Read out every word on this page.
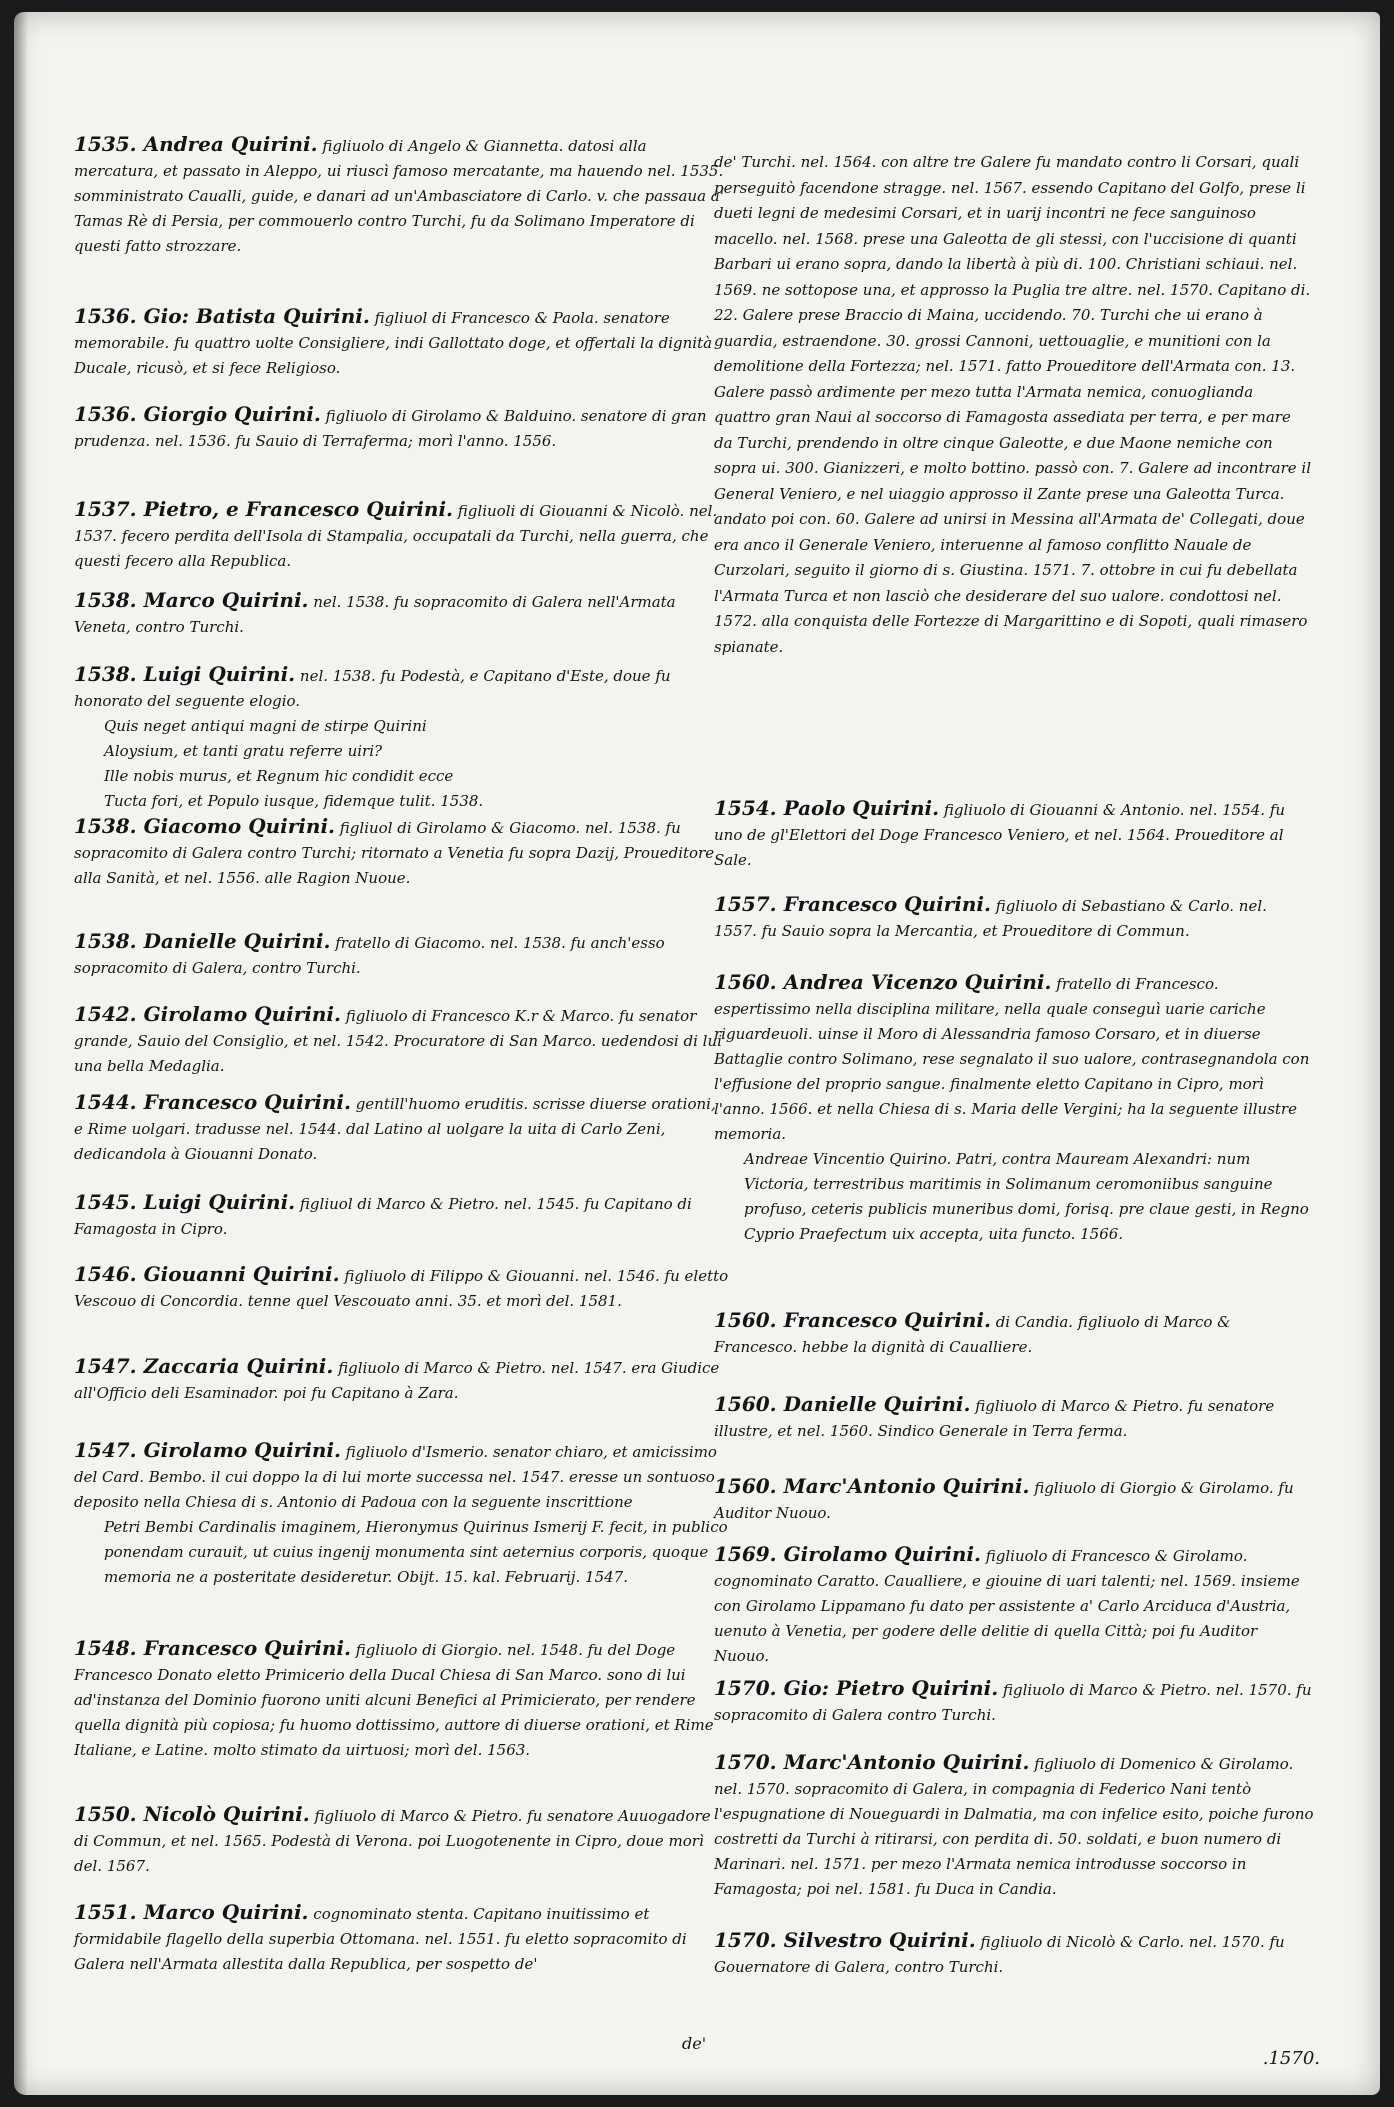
1535. Andrea Quirini. figliuolo di Angelo & Giannetta. datosi alla mercatura, et passato in Aleppo, ui riuscì famoso mercatante, ma hauendo nel. 1535. somministrato Caualli, guide, e danari ad un'Ambasciatore di Carlo. v. che passaua a' Tamas Rè di Persia, per commouerlo contro Turchi, fu da Solimano Imperatore di questi fatto strozzare.
1536. Gio: Batista Quirini. figliuol di Francesco & Paola. senatore memorabile. fu quattro uolte Consigliere, indi Gallottato doge, et offertali la dignità Ducale, ricusò, et si fece Religioso.
1536. Giorgio Quirini. figliuolo di Girolamo & Balduino. senatore di gran prudenza. nel. 1536. fu Sauio di Terraferma; morì l'anno. 1556.
1537. Pietro, e Francesco Quirini. figliuoli di Giouanni & Nicolò. nel. 1537. fecero perdita dell'Isola di Stampalia, occupatali da Turchi, nella guerra, che questi fecero alla Republica.
1538. Marco Quirini. nel. 1538. fu sopracomito di Galera nell'Armata Veneta, contro Turchi.
1538. Luigi Quirini. nel. 1538. fu Podestà, e Capitano d'Este, doue fu honorato del seguente elogio.
Quis neget antiqui magni de stirpe Quirini
Aloysium, et tanti gratu referre uiri?
Ille nobis murus, et Regnum hic condidit ecce
Tucta fori, et Populo iusque, fidemque tulit. 1538.
1538. Giacomo Quirini. figliuol di Girolamo & Giacomo. nel. 1538. fu sopracomito di Galera contro Turchi; ritornato a Venetia fu sopra Dazij, Proueditore alla Sanità, et nel. 1556. alle Ragion Nuoue.
1538. Danielle Quirini. fratello di Giacomo. nel. 1538. fu anch'esso sopracomito di Galera, contro Turchi.
1542. Girolamo Quirini. figliuolo di Francesco K.r & Marco. fu senator grande, Sauio del Consiglio, et nel. 1542. Procuratore di San Marco. uedendosi di lui una bella Medaglia.
1544. Francesco Quirini. gentill'huomo eruditis. scrisse diuerse orationi, e Rime uolgari. tradusse nel. 1544. dal Latino al uolgare la uita di Carlo Zeni, dedicandola à Giouanni Donato.
1545. Luigi Quirini. figliuol di Marco & Pietro. nel. 1545. fu Capitano di Famagosta in Cipro.
1546. Giouanni Quirini. figliuolo di Filippo & Giouanni. nel. 1546. fu eletto Vescouo di Concordia. tenne quel Vescouato anni. 35. et morì del. 1581.
1547. Zaccaria Quirini. figliuolo di Marco & Pietro. nel. 1547. era Giudice all'Officio deli Esaminador. poi fu Capitano à Zara.
1547. Girolamo Quirini. figliuolo d'Ismerio. senator chiaro, et amicissimo del Card. Bembo. il cui doppo la di lui morte successa nel. 1547. eresse un sontuoso deposito nella Chiesa di s. Antonio di Padoua con la seguente inscrittione
Petri Bembi Cardinalis imaginem, Hieronymus Quirinus Ismerij F. fecit, in publico ponendam curauit, ut cuius ingenij monumenta sint aeternius corporis, quoque memoria ne a posteritate desideretur. Obijt. 15. kal. Februarij. 1547.
1548. Francesco Quirini. figliuolo di Giorgio. nel. 1548. fu del Doge Francesco Donato eletto Primicerio della Ducal Chiesa di San Marco. sono di lui ad'instanza del Dominio fuorono uniti alcuni Benefici al Primicierato, per rendere quella dignità più copiosa; fu huomo dottissimo, auttore di diuerse orationi, et Rime Italiane, e Latine. molto stimato da uirtuosi; morì del. 1563.
1550. Nicolò Quirini. figliuolo di Marco & Pietro. fu senatore Auuogadore di Commun, et nel. 1565. Podestà di Verona. poi Luogotenente in Cipro, doue morì del. 1567.
1551. Marco Quirini. cognominato stenta. Capitano inuitissimo et formidabile flagello della superbia Ottomana. nel. 1551. fu eletto sopracomito di Galera nell'Armata allestita dalla Republica, per sospetto de'
de' Turchi. nel. 1564. con altre tre Galere fu mandato contro li Corsari, quali perseguitò facendone stragge. nel. 1567. essendo Capitano del Golfo, prese li dueti legni de medesimi Corsari, et in uarij incontri ne fece sanguinoso macello. nel. 1568. prese una Galeotta de gli stessi, con l'uccisione di quanti Barbari ui erano sopra, dando la libertà à più di. 100. Christiani schiaui. nel. 1569. ne sottopose una, et approsso la Puglia tre altre. nel. 1570. Capitano di. 22. Galere prese Braccio di Maina, uccidendo. 70. Turchi che ui erano à guardia, estraendone. 30. grossi Cannoni, uettouaglie, e munitioni con la demolitione della Fortezza; nel. 1571. fatto Proueditore dell'Armata con. 13. Galere passò ardimente per mezo tutta l'Armata nemica, conuoglianda quattro gran Naui al soccorso di Famagosta assediata per terra, e per mare da Turchi, prendendo in oltre cinque Galeotte, e due Maone nemiche con sopra ui. 300. Gianizzeri, e molto bottino. passò con. 7. Galere ad incontrare il General Veniero, e nel uiaggio approsso il Zante prese una Galeotta Turca. andato poi con. 60. Galere ad unirsi in Messina all'Armata de' Collegati, doue era anco il Generale Veniero, interuenne al famoso conflitto Nauale de Curzolari, seguito il giorno di s. Giustina. 1571. 7. ottobre in cui fu debellata l'Armata Turca et non lasciò che desiderare del suo ualore. condottosi nel. 1572. alla conquista delle Fortezze di Margarittino e di Sopoti, quali rimasero spianate.
1554. Paolo Quirini. figliuolo di Giouanni & Antonio. nel. 1554. fu uno de gl'Elettori del Doge Francesco Veniero, et nel. 1564. Proueditore al Sale.
1557. Francesco Quirini. figliuolo di Sebastiano & Carlo. nel. 1557. fu Sauio sopra la Mercantia, et Proueditore di Commun.
1560. Andrea Vicenzo Quirini. fratello di Francesco. espertissimo nella disciplina militare, nella quale conseguì uarie cariche riguardeuoli. uinse il Moro di Alessandria famoso Corsaro, et in diuerse Battaglie contro Solimano, rese segnalato il suo ualore, contrasegnandola con l'effusione del proprio sangue. finalmente eletto Capitano in Cipro, morì l'anno. 1566. et nella Chiesa di s. Maria delle Vergini; ha la seguente illustre memoria.
Andreae Vincentio Quirino. Patri, contra Mauream Alexandri: num Victoria, terrestribus maritimis in Solimanum ceromoniibus sanguine profuso, ceteris publicis muneribus domi, forisq. pre claue gesti, in Regno Cyprio Praefectum uix accepta, uita functo. 1566.
1560. Francesco Quirini. di Candia. figliuolo di Marco & Francesco. hebbe la dignità di Caualliere.
1560. Danielle Quirini. figliuolo di Marco & Pietro. fu senatore illustre, et nel. 1560. Sindico Generale in Terra ferma.
1560. Marc'Antonio Quirini. figliuolo di Giorgio & Girolamo. fu Auditor Nuouo.
1569. Girolamo Quirini. figliuolo di Francesco & Girolamo. cognominato Caratto. Caualliere, e giouine di uari talenti; nel. 1569. insieme con Girolamo Lippamano fu dato per assistente a' Carlo Arciduca d'Austria, uenuto à Venetia, per godere delle delitie di quella Città; poi fu Auditor Nuouo.
1570. Gio: Pietro Quirini. figliuolo di Marco & Pietro. nel. 1570. fu sopracomito di Galera contro Turchi.
1570. Marc'Antonio Quirini. figliuolo di Domenico & Girolamo. nel. 1570. sopracomito di Galera, in compagnia di Federico Nani tentò l'espugnatione di Noueguardi in Dalmatia, ma con infelice esito, poiche furono costretti da Turchi à ritirarsi, con perdita di. 50. soldati, e buon numero di Marinari. nel. 1571. per mezo l'Armata nemica introdusse soccorso in Famagosta; poi nel. 1581. fu Duca in Candia.
1570. Silvestro Quirini. figliuolo di Nicolò & Carlo. nel. 1570. fu Gouernatore di Galera, contro Turchi.
de'
.1570.
